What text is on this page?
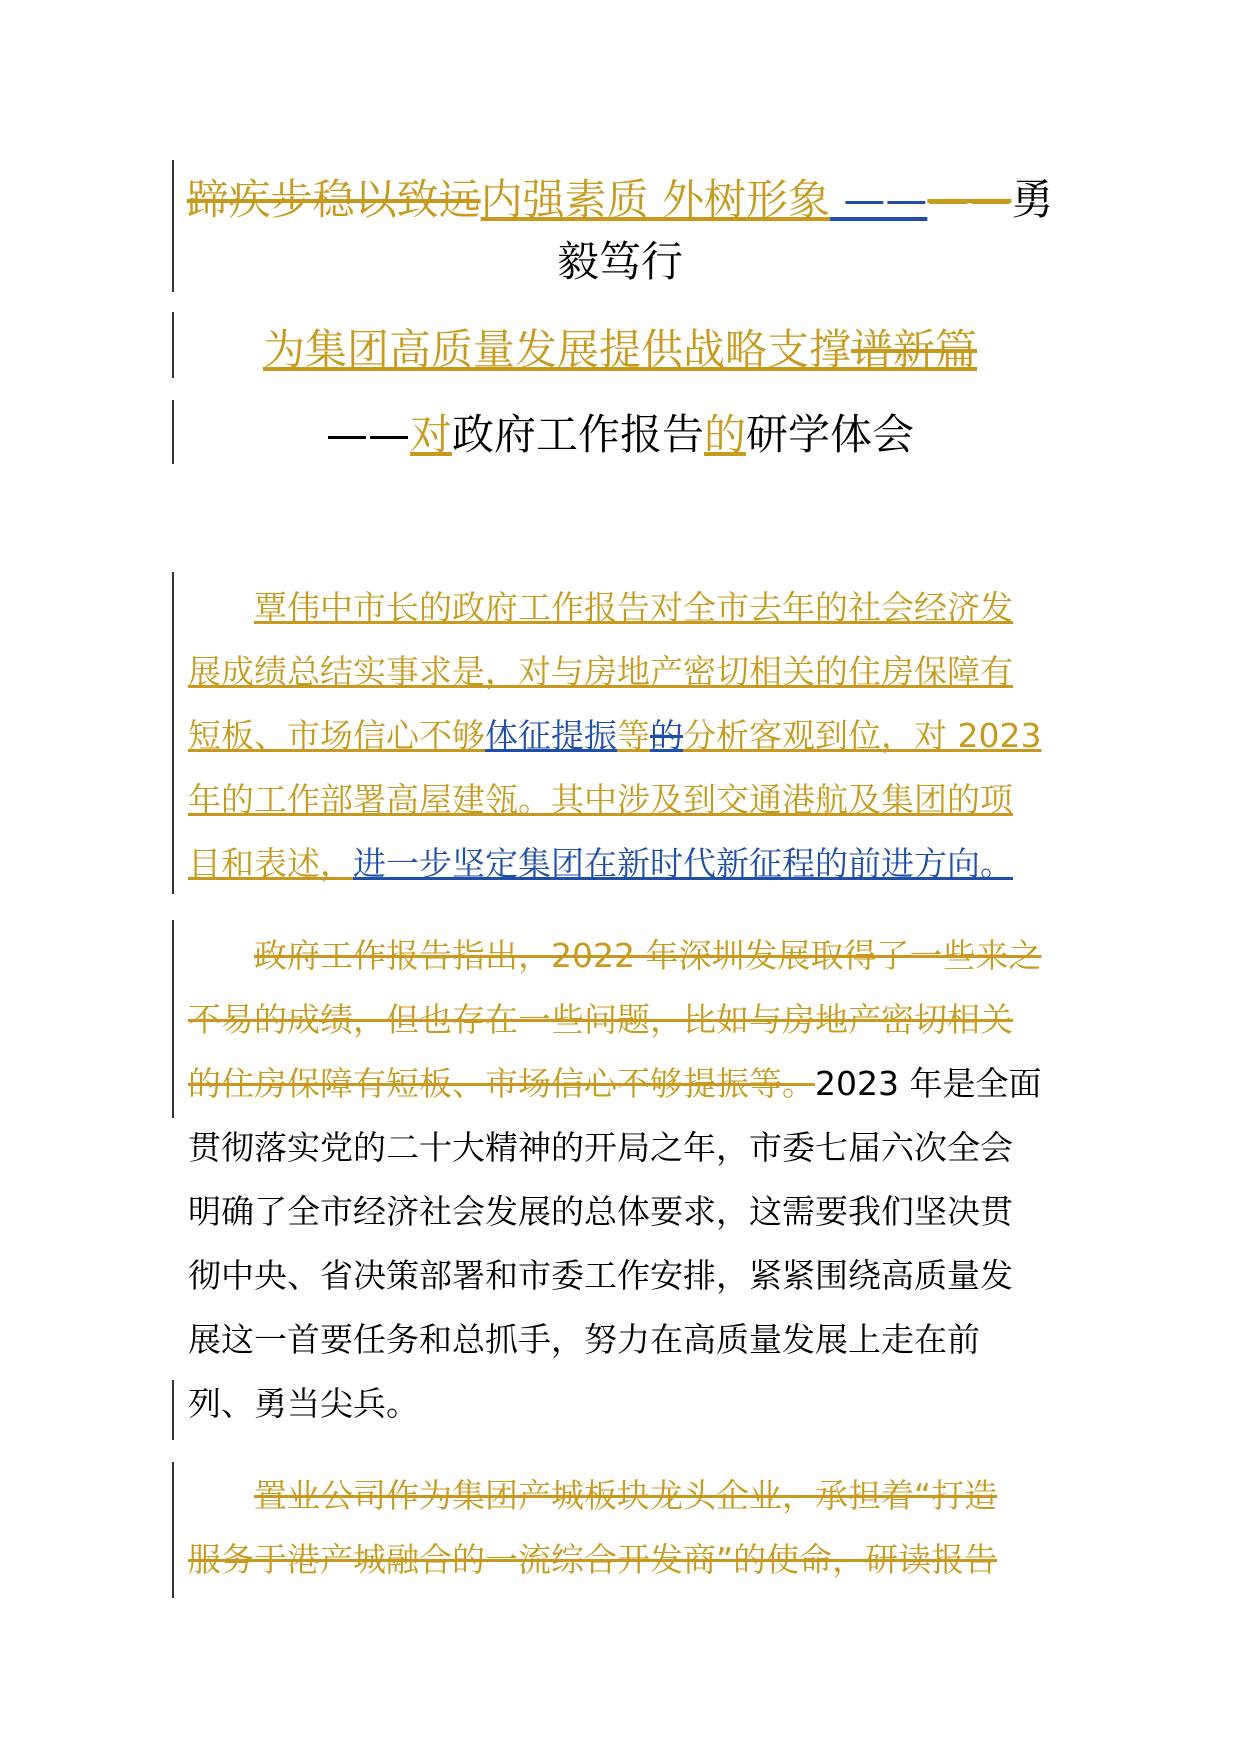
蹄疾步稳以致远内强素质 外树形象 ————勇
毅笃行
为集团高质量发展提供战略支撑谱新篇
——对政府工作报告的研学体会
覃伟中市长的政府工作报告对全市去年的社会经济发
展成绩总结实事求是，对与房地产密切相关的住房保障有
短板、市场信心不够体征提振等的分析客观到位，对 2023
年的工作部署高屋建瓴。其中涉及到交通港航及集团的项
目和表述，进一步坚定集团在新时代新征程的前进方向。
政府工作报告指出，2022 年深圳发展取得了一些来之
不易的成绩，但也存在一些问题，比如与房地产密切相关
的住房保障有短板、市场信心不够提振等。2023 年是全面
贯彻落实党的二十大精神的开局之年，市委七届六次全会
明确了全市经济社会发展的总体要求，这需要我们坚决贯
彻中央、省决策部署和市委工作安排，紧紧围绕高质量发
展这一首要任务和总抓手，努力在高质量发展上走在前
列、勇当尖兵。
置业公司作为集团产城板块龙头企业，承担着“打造
服务于港产城融合的一流综合开发商”的使命，研读报告
